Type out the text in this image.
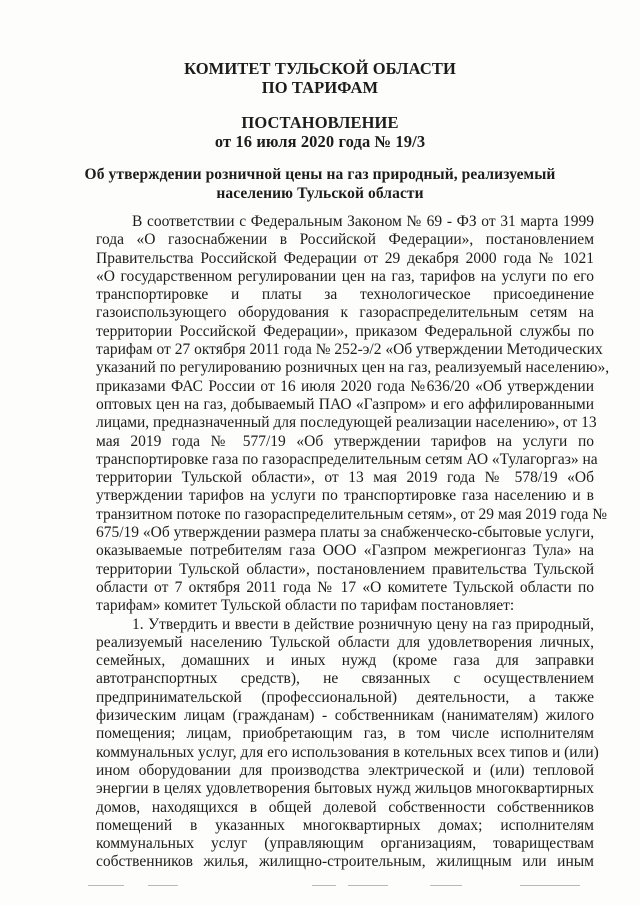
КОМИТЕТ ТУЛЬСКОЙ ОБЛАСТИ
ПО ТАРИФАМ
ПОСТАНОВЛЕНИЕ
от 16 июля 2020 года № 19/3
Об утверждении розничной цены на газ природный, реализуемый
населению Тульской области
В соответствии с Федеральным Законом № 69 - ФЗ от 31 марта 1999
года «О газоснабжении в Российской Федерации», постановлением
Правительства Российской Федерации от 29 декабря 2000 года № 1021
«О государственном регулировании цен на газ, тарифов на услуги по его
транспортировке и платы за технологическое присоединение
газоиспользующего оборудования к газораспределительным сетям на
территории Российской Федерации», приказом Федеральной службы по
тарифам от 27 октября 2011 года № 252-э/2 «Об утверждении Методических
указаний по регулированию розничных цен на газ, реализуемый населению»,
приказами ФАС России от 16 июля 2020 года №636/20 «Об утверждении
оптовых цен на газ, добываемый ПАО «Газпром» и его аффилированными
лицами, предназначенный для последующей реализации населению», от 13
мая 2019 года № 577/19 «Об утверждении тарифов на услуги по
транспортировке газа по газораспределительным сетям АО «Тулагоргаз» на
территории Тульской области», от 13 мая 2019 года № 578/19 «Об
утверждении тарифов на услуги по транспортировке газа населению и в
транзитном потоке по газораспределительным сетям», от 29 мая 2019 года №
675/19 «Об утверждении размера платы за снабженческо-сбытовые услуги,
оказываемые потребителям газа ООО «Газпром межрегионгаз Тула» на
территории Тульской области», постановлением правительства Тульской
области от 7 октября 2011 года № 17 «О комитете Тульской области по
тарифам» комитет Тульской области по тарифам постановляет:
1. Утвердить и ввести в действие розничную цену на газ природный,
реализуемый населению Тульской области для удовлетворения личных,
семейных, домашних и иных нужд (кроме газа для заправки
автотранспортных средств), не связанных с осуществлением
предпринимательской (профессиональной) деятельности, а также
физическим лицам (гражданам) - собственникам (нанимателям) жилого
помещения; лицам, приобретающим газ, в том числе исполнителям
коммунальных услуг, для его использования в котельных всех типов и (или)
ином оборудовании для производства электрической и (или) тепловой
энергии в целях удовлетворения бытовых нужд жильцов многоквартирных
домов, находящихся в общей долевой собственности собственников
помещений в указанных многоквартирных домах; исполнителям
коммунальных услуг (управляющим организациям, товариществам
собственников жилья, жилищно-строительным, жилищным или иным
